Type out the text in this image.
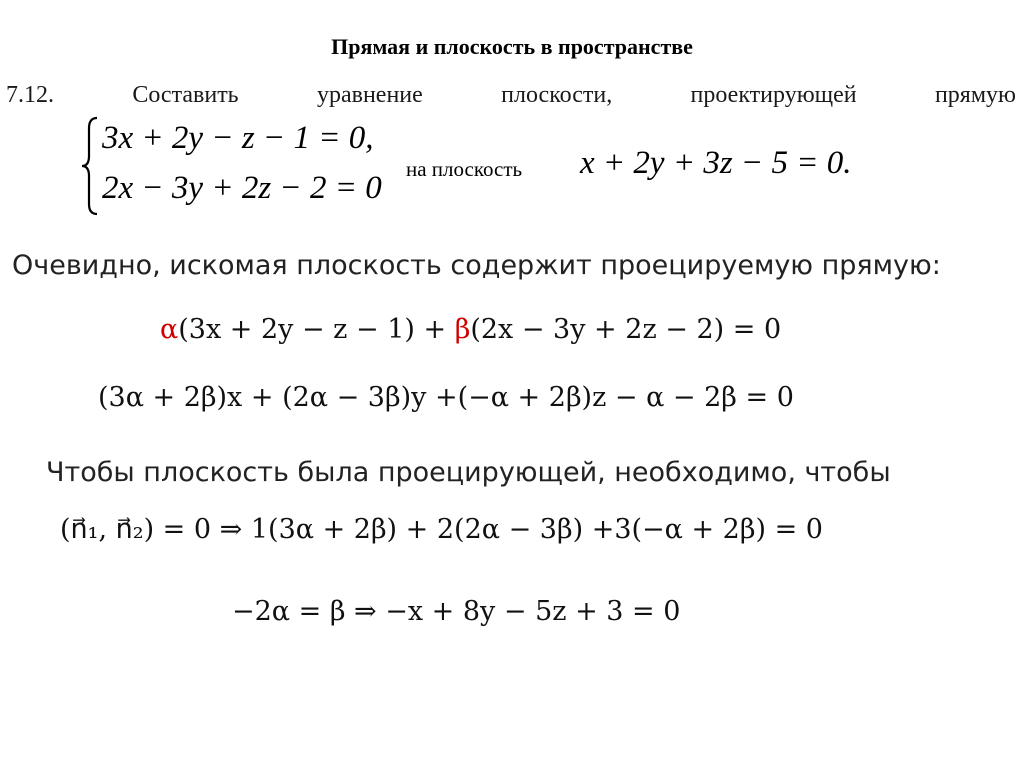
Прямая и плоскость в пространстве
7.12.	Составить	уравнение	плоскости,	проектирующей	прямую
3x + 2y − z − 1 = 0,
2x − 3y + 2z − 2 = 0
на плоскость x + 2y + 3z − 5 = 0.
Очевидно, искомая плоскость содержит проецируемую прямую:
α(3x + 2y − z − 1) + β(2x − 3y + 2z − 2) = 0
(3α + 2β)x + (2α − 3β)y +(−α + 2β)z − α − 2β = 0
Чтобы плоскость была проецирующей, необходимо, чтобы
(n⃗₁, n⃗₂) = 0 ⇒ 1(3α + 2β) + 2(2α − 3β) +3(−α + 2β) = 0
−2α = β ⇒ −x + 8y − 5z + 3 = 0
